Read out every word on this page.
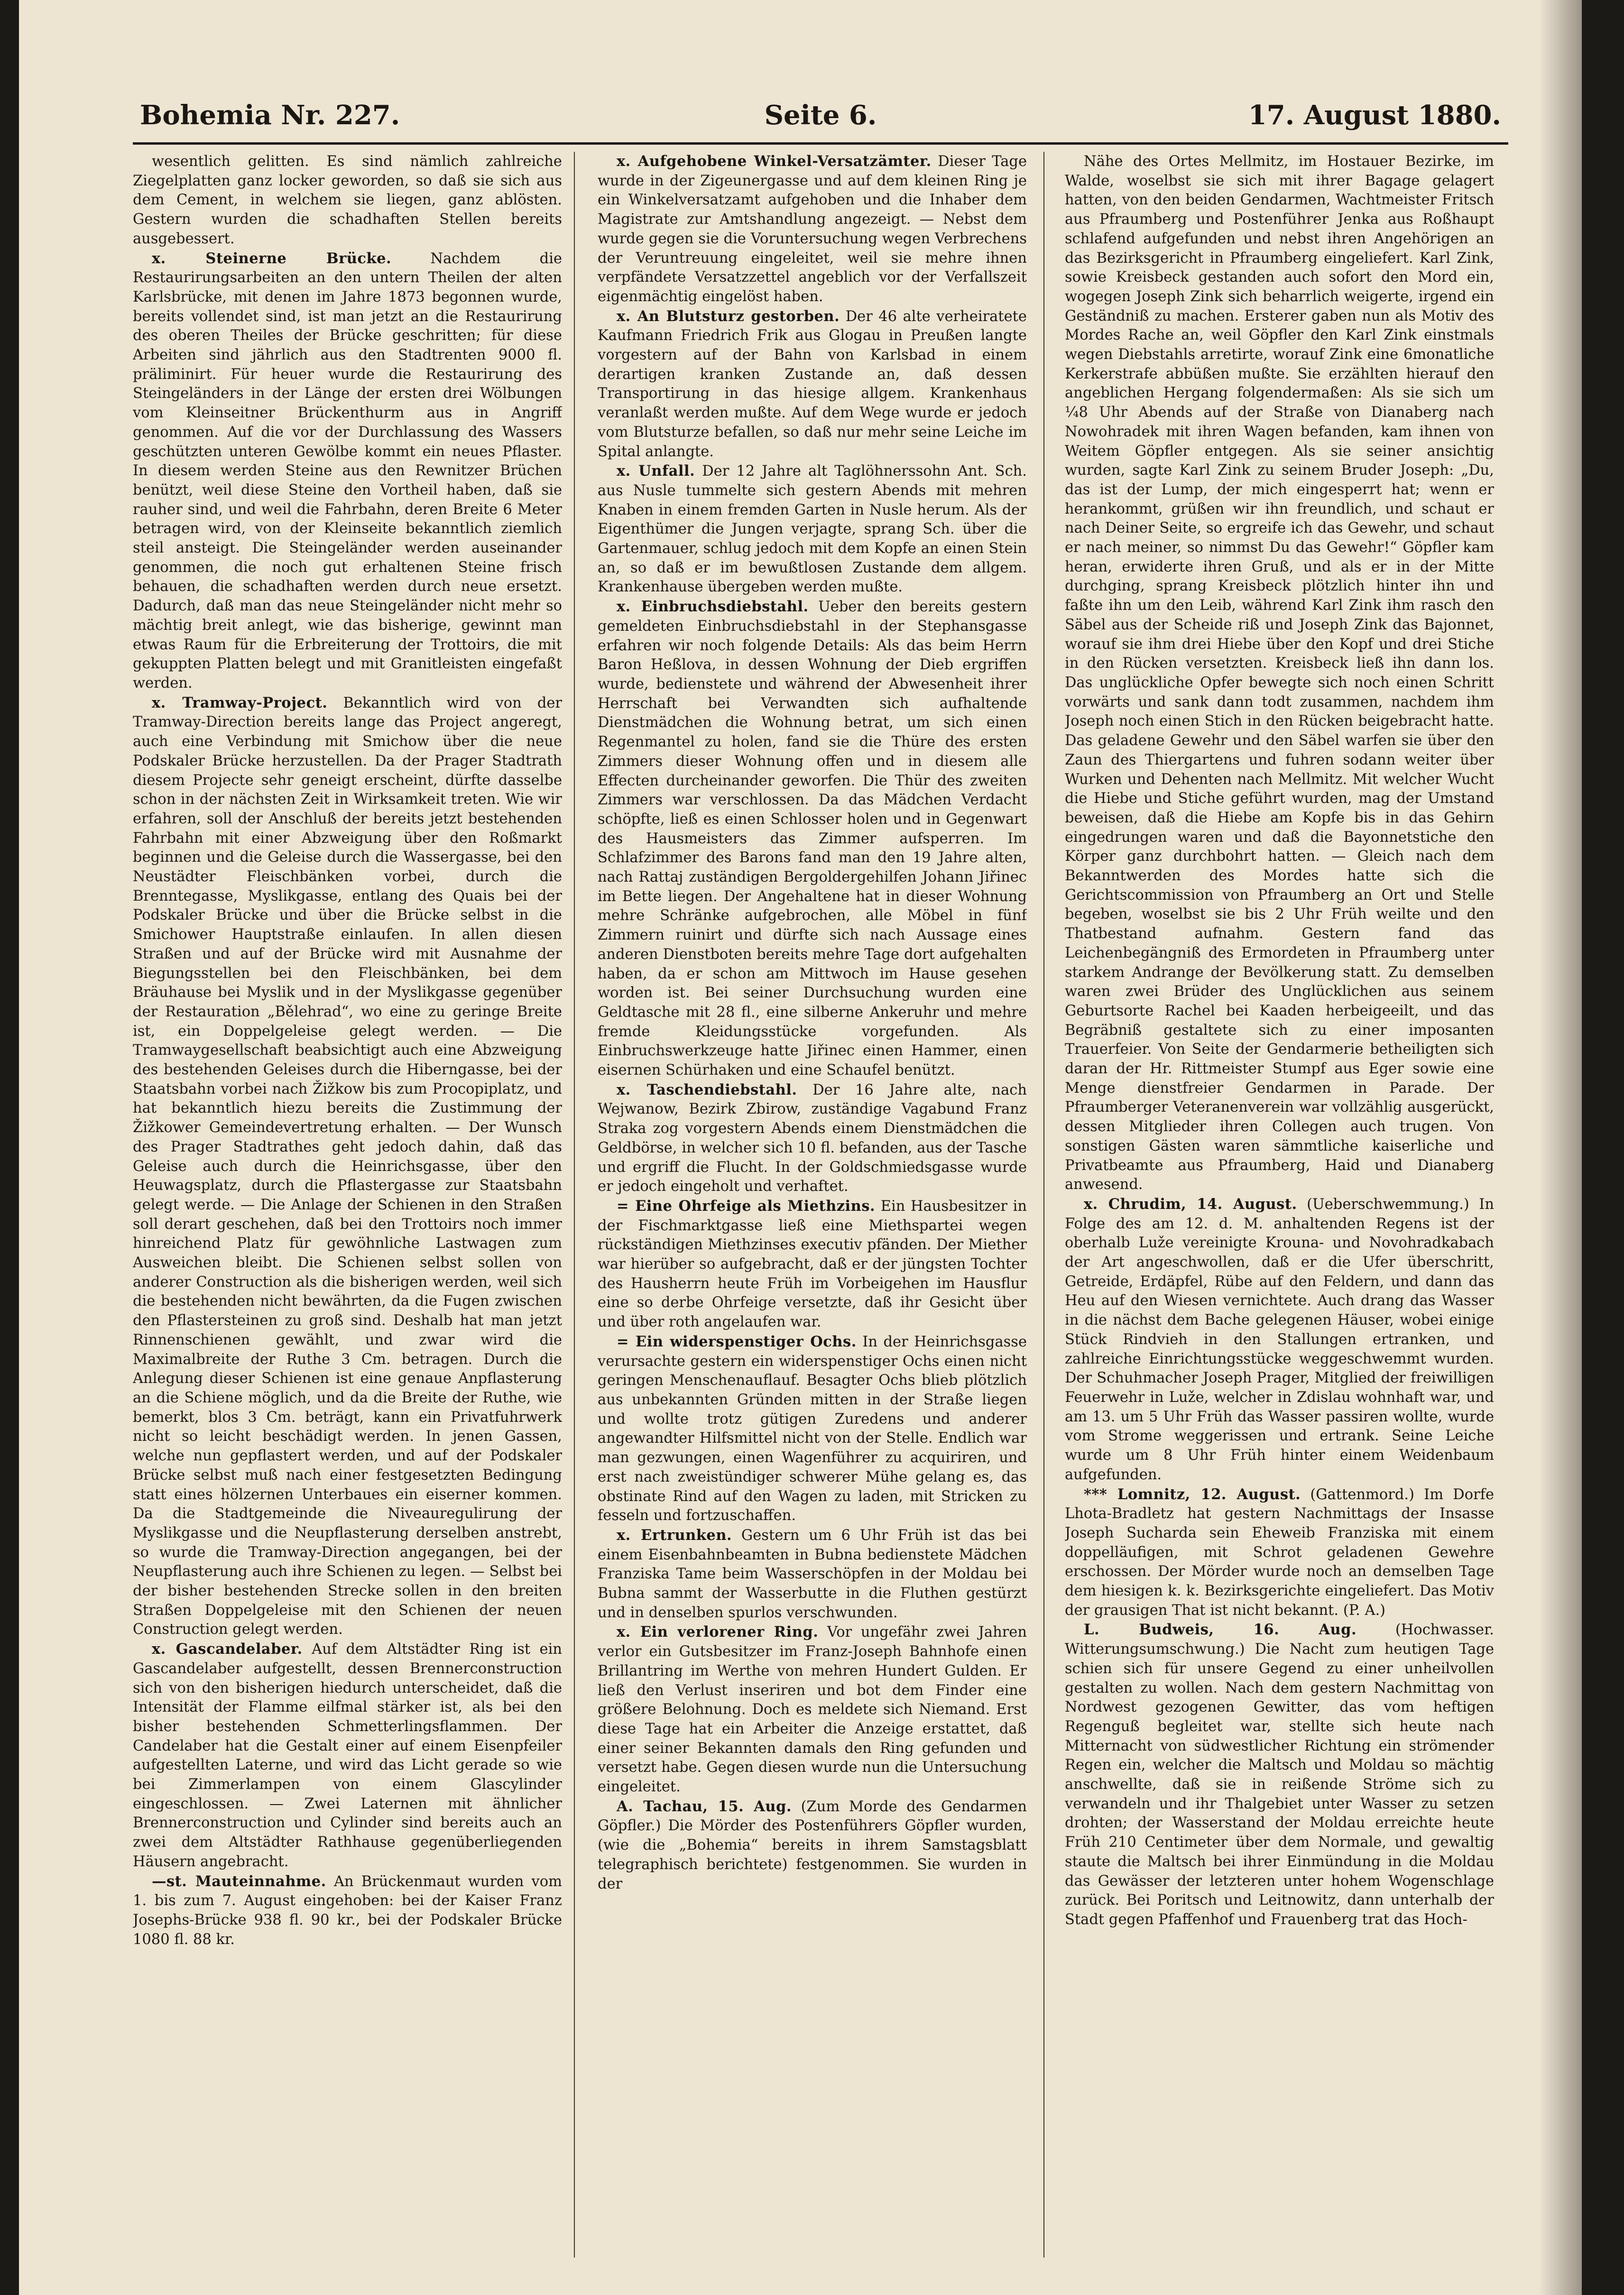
Bohemia Nr. 227.	Seite 6.	17. August 1880.

wesentlich gelitten. Es sind nämlich zahlreiche Ziegelplatten ganz locker geworden, so daß sie sich aus dem Cement, in welchem sie liegen, ganz ablösten. Gestern wurden die schadhaften Stellen bereits ausgebessert.

x. Steinerne Brücke.	Nachdem die Restaurirungsarbeiten an den untern Theilen der alten Karlsbrücke, mit denen im Jahre 1873 begonnen wurde, bereits vollendet sind, ist man jetzt an die Restaurirung des oberen Theiles der Brücke geschritten; für diese Arbeiten sind jährlich aus den Stadtrenten 9000 fl. präliminirt. Für heuer wurde die Restaurirung des Steingeländers in der Länge der ersten drei Wölbungen vom Kleinseitner Brückenthurm aus in Angriff genommen. Auf die vor der Durchlassung des Wassers geschützten unteren Gewölbe kommt ein neues Pflaster. In diesem werden Steine aus den Rewnitzer Brüchen benützt, weil diese Steine den Vortheil haben, daß sie rauher sind, und weil die Fahrbahn, deren Breite 6 Meter betragen wird, von der Kleinseite bekanntlich ziemlich steil ansteigt. Die Steingeländer werden auseinander genommen, die noch gut erhaltenen Steine frisch behauen, die schadhaften werden durch neue ersetzt. Dadurch, daß man das neue Steingeländer nicht mehr so mächtig breit anlegt, wie das bisherige, gewinnt man etwas Raum für die Erbreiterung der Trottoirs, die mit gekuppten Platten belegt und mit Granitleisten eingefaßt werden.

x. Tramway-Project. Bekanntlich wird von der Tramway-Direction bereits lange das Project angeregt, auch eine Verbindung mit Smichow über die neue Podskaler Brücke herzustellen. Da der Prager Stadtrath diesem Projecte sehr geneigt erscheint, dürfte dasselbe schon in der nächsten Zeit in Wirksamkeit treten. Wie wir erfahren, soll der Anschluß der bereits jetzt bestehenden Fahrbahn mit einer Abzweigung über den Roßmarkt beginnen und die Geleise durch die Wassergasse, bei den Neustädter Fleischbänken vorbei, durch die Brenntegasse, Myslikgasse, entlang des Quais bei der Podskaler Brücke und über die Brücke selbst in die Smichower Hauptstraße einlaufen. In allen diesen Straßen und auf der Brücke wird mit Ausnahme der Biegungsstellen bei den Fleischbänken, bei dem Bräuhause bei Myslik und in der Myslikgasse gegenüber der Restauration „Bělehrad“, wo eine zu geringe Breite ist, ein Doppelgeleise gelegt werden. — Die Tramwaygesellschaft beabsichtigt auch eine Abzweigung des bestehenden Geleises durch die Hiberngasse, bei der Staatsbahn vorbei nach Žižkow bis zum Procopiplatz, und hat bekanntlich hiezu bereits die Zustimmung der Žižkower Gemeindevertretung erhalten. — Der Wunsch des Prager Stadtrathes geht jedoch dahin, daß das Geleise auch durch die Heinrichsgasse, über den Heuwagsplatz, durch die Pflastergasse zur Staatsbahn gelegt werde. — Die Anlage der Schienen in den Straßen soll derart geschehen, daß bei den Trottoirs noch immer hinreichend Platz für gewöhnliche Lastwagen zum Ausweichen bleibt. Die Schienen selbst sollen von anderer Construction als die bisherigen werden, weil sich die bestehenden nicht bewährten, da die Fugen zwischen den Pflastersteinen zu groß sind. Deshalb hat man jetzt Rinnenschienen gewählt, und zwar wird die Maximalbreite der Ruthe 3 Cm. betragen. Durch die Anlegung dieser Schienen ist eine genaue Anpflasterung an die Schiene möglich, und da die Breite der Ruthe, wie bemerkt, blos 3 Cm. beträgt, kann ein Privatfuhrwerk nicht so leicht beschädigt werden. In jenen Gassen, welche nun gepflastert werden, und auf der Podskaler Brücke selbst muß nach einer festgesetzten Bedingung statt eines hölzernen Unterbaues ein eiserner kommen. Da die Stadtgemeinde die Niveauregulirung der Myslikgasse und die Neupflasterung derselben anstrebt, so wurde die Tramway-Direction angegangen, bei der Neupflasterung auch ihre Schienen zu legen. — Selbst bei der bisher bestehenden Strecke sollen in den breiten Straßen Doppelgeleise mit den Schienen der neuen Construction gelegt werden.

x. Gascandelaber. Auf dem Altstädter Ring ist ein Gascandelaber aufgestellt, dessen Brennerconstruction sich von den bisherigen hiedurch unterscheidet, daß die Intensität der Flamme eilfmal stärker ist, als bei den bisher bestehenden Schmetterlingsflammen. Der Candelaber hat die Gestalt einer auf einem Eisenpfeiler aufgestellten Laterne, und wird das Licht gerade so wie bei Zimmerlampen von einem Glascylinder eingeschlossen. — Zwei Laternen mit ähnlicher Brennerconstruction und Cylinder sind bereits auch an zwei dem Altstädter Rathhause gegenüberliegenden Häusern angebracht.

—st. Mauteinnahme. An Brückenmaut wurden vom 1. bis zum 7. August eingehoben: bei der Kaiser Franz Josephs-Brücke 938 fl. 90 kr., bei der Podskaler Brücke 1080 fl. 88 kr.

x. Aufgehobene Winkel-Versatzämter. Dieser Tage wurde in der Zigeunergasse und auf dem kleinen Ring je ein Winkelversatzamt aufgehoben und die Inhaber dem Magistrate zur Amtshandlung angezeigt. — Nebst dem wurde gegen sie die Voruntersuchung wegen Verbrechens der Veruntreuung eingeleitet, weil sie mehre ihnen verpfändete Versatzzettel angeblich vor der Verfallszeit eigenmächtig eingelöst haben.

x. An Blutsturz gestorben. Der 46 alte verheiratete Kaufmann Friedrich Frik aus Glogau in Preußen langte vorgestern auf der Bahn von Karlsbad in einem derartigen kranken Zustande an, daß dessen Transportirung in das hiesige allgem. Krankenhaus veranlaßt werden mußte. Auf dem Wege wurde er jedoch vom Blutsturze befallen, so daß nur mehr seine Leiche im Spital anlangte.

x. Unfall. Der 12 Jahre alt Taglöhnerssohn Ant. Sch. aus Nusle tummelte sich gestern Abends mit mehren Knaben in einem fremden Garten in Nusle herum. Als der Eigenthümer die Jungen verjagte, sprang Sch. über die Gartenmauer, schlug jedoch mit dem Kopfe an einen Stein an, so daß er im bewußtlosen Zustande dem allgem. Krankenhause übergeben werden mußte.

x. Einbruchsdiebstahl. Ueber den bereits gestern gemeldeten Einbruchsdiebstahl in der Stephansgasse erfahren wir noch folgende Details: Als das beim Herrn Baron Heßlova, in dessen Wohnung der Dieb ergriffen wurde, bedienstete und während der Abwesenheit ihrer Herrschaft bei Verwandten sich aufhaltende Dienstmädchen die Wohnung betrat, um sich einen Regenmantel zu holen, fand sie die Thüre des ersten Zimmers dieser Wohnung offen und in diesem alle Effecten durcheinander geworfen. Die Thür des zweiten Zimmers war verschlossen. Da das Mädchen Verdacht schöpfte, ließ es einen Schlosser holen und in Gegenwart des Hausmeisters das Zimmer aufsperren. Im Schlafzimmer des Barons fand man den 19 Jahre alten, nach Rattaj zuständigen Bergoldergehilfen Johann Jiřinec im Bette liegen. Der Angehaltene hat in dieser Wohnung mehre Schränke aufgebrochen, alle Möbel in fünf Zimmern ruinirt und dürfte sich nach Aussage eines anderen Dienstboten bereits mehre Tage dort aufgehalten haben, da er schon am Mittwoch im Hause gesehen worden ist. Bei seiner Durchsuchung wurden eine Geldtasche mit 28 fl., eine silberne Ankeruhr und mehre fremde Kleidungsstücke vorgefunden. Als Einbruchswerkzeuge hatte Jiřinec einen Hammer, einen eisernen Schürhaken und eine Schaufel benützt.

x. Taschendiebstahl. Der 16 Jahre alte, nach Wejwanow, Bezirk Zbirow, zuständige Vagabund Franz Straka zog vorgestern Abends einem Dienstmädchen die Geldbörse, in welcher sich 10 fl. befanden, aus der Tasche und ergriff die Flucht. In der Goldschmiedsgasse wurde er jedoch eingeholt und verhaftet.

= Eine Ohrfeige als Miethzins. Ein Hausbesitzer in der Fischmarktgasse ließ eine Miethspartei wegen rückständigen Miethzinses executiv pfänden. Der Miether war hierüber so aufgebracht, daß er der jüngsten Tochter des Hausherrn heute Früh im Vorbeigehen im Hausflur eine so derbe Ohrfeige versetzte, daß ihr Gesicht über und über roth angelaufen war.

= Ein widerspenstiger Ochs. In der Heinrichsgasse verursachte gestern ein widerspenstiger Ochs einen nicht geringen Menschenauflauf. Besagter Ochs blieb plötzlich aus unbekannten Gründen mitten in der Straße liegen und wollte trotz gütigen Zuredens und anderer angewandter Hilfsmittel nicht von der Stelle. Endlich war man gezwungen, einen Wagenführer zu acquiriren, und erst nach zweistündiger schwerer Mühe gelang es, das obstinate Rind auf den Wagen zu laden, mit Stricken zu fesseln und fortzuschaffen.

x. Ertrunken. Gestern um 6 Uhr Früh ist das bei einem Eisenbahnbeamten in Bubna bedienstete Mädchen Franziska Tame beim Wasserschöpfen in der Moldau bei Bubna sammt der Wasserbutte in die Fluthen gestürzt und in denselben spurlos verschwunden.

x. Ein verlorener Ring. Vor ungefähr zwei Jahren verlor ein Gutsbesitzer im Franz-Joseph Bahnhofe einen Brillantring im Werthe von mehren Hundert Gulden. Er ließ den Verlust inseriren und bot dem Finder eine größere Belohnung. Doch es meldete sich Niemand. Erst diese Tage hat ein Arbeiter die Anzeige erstattet, daß einer seiner Bekannten damals den Ring gefunden und versetzt habe. Gegen diesen wurde nun die Untersuchung eingeleitet.

A. Tachau, 15. Aug. (Zum Morde des Gendarmen Göpfler.) Die Mörder des Postenführers Göpfler wurden, (wie die „Bohemia“ bereits in ihrem Samstagsblatt telegraphisch berichtete) festgenommen. Sie wurden in der

Nähe des Ortes Mellmitz, im Hostauer Bezirke, im Walde, woselbst sie sich mit ihrer Bagage gelagert hatten, von den beiden Gendarmen, Wachtmeister Fritsch aus Pfraumberg und Postenführer Jenka aus Roßhaupt schlafend aufgefunden und nebst ihren Angehörigen an das Bezirksgericht in Pfraumberg eingeliefert. Karl Zink, sowie Kreisbeck gestanden auch sofort den Mord ein, wogegen Joseph Zink sich beharrlich weigerte, irgend ein Geständniß zu machen. Ersterer gaben nun als Motiv des Mordes Rache an, weil Göpfler den Karl Zink einstmals wegen Diebstahls arretirte, worauf Zink eine 6monatliche Kerkerstrafe abbüßen mußte. Sie erzählten hierauf den angeblichen Hergang folgendermaßen: Als sie sich um ¼8 Uhr Abends auf der Straße von Dianaberg nach Nowohradek mit ihren Wagen befanden, kam ihnen von Weitem Göpfler entgegen. Als sie seiner ansichtig wurden, sagte Karl Zink zu seinem Bruder Joseph: „Du, das ist der Lump, der mich eingesperrt hat; wenn er herankommt, grüßen wir ihn freundlich, und schaut er nach Deiner Seite, so ergreife ich das Gewehr, und schaut er nach meiner, so nimmst Du das Gewehr!“ Göpfler kam heran, erwiderte ihren Gruß, und als er in der Mitte durchging, sprang Kreisbeck plötzlich hinter ihn und faßte ihn um den Leib, während Karl Zink ihm rasch den Säbel aus der Scheide riß und Joseph Zink das Bajonnet, worauf sie ihm drei Hiebe über den Kopf und drei Stiche in den Rücken versetzten. Kreisbeck ließ ihn dann los. Das unglückliche Opfer bewegte sich noch einen Schritt vorwärts und sank dann todt zusammen, nachdem ihm Joseph noch einen Stich in den Rücken beigebracht hatte. Das geladene Gewehr und den Säbel warfen sie über den Zaun des Thiergartens und fuhren sodann weiter über Wurken und Dehenten nach Mellmitz. Mit welcher Wucht die Hiebe und Stiche geführt wurden, mag der Umstand beweisen, daß die Hiebe am Kopfe bis in das Gehirn eingedrungen waren und daß die Bayonnetstiche den Körper ganz durchbohrt hatten. — Gleich nach dem Bekanntwerden des Mordes hatte sich die Gerichtscommission von Pfraumberg an Ort und Stelle begeben, woselbst sie bis 2 Uhr Früh weilte und den Thatbestand aufnahm. Gestern fand das Leichenbegängniß des Ermordeten in Pfraumberg unter starkem Andrange der Bevölkerung statt. Zu demselben waren zwei Brüder des Unglücklichen aus seinem Geburtsorte Rachel bei Kaaden herbeigeeilt, und das Begräbniß gestaltete sich zu einer imposanten Trauerfeier. Von Seite der Gendarmerie betheiligten sich daran der Hr. Rittmeister Stumpf aus Eger sowie eine Menge dienstfreier Gendarmen in Parade. Der Pfraumberger Veteranenverein war vollzählig ausgerückt, dessen Mitglieder ihren Collegen auch trugen. Von sonstigen Gästen waren sämmtliche kaiserliche und Privatbeamte aus Pfraumberg, Haid und Dianaberg anwesend.

x. Chrudim, 14. August. (Ueberschwemmung.) In Folge des am 12. d. M. anhaltenden Regens ist der oberhalb Luže vereinigte Krouna- und Novohradkabach der Art angeschwollen, daß er die Ufer überschritt, Getreide, Erdäpfel, Rübe auf den Feldern, und dann das Heu auf den Wiesen vernichtete. Auch drang das Wasser in die nächst dem Bache gelegenen Häuser, wobei einige Stück Rindvieh in den Stallungen ertranken, und zahlreiche Einrichtungsstücke weggeschwemmt wurden. Der Schuhmacher Joseph Prager, Mitglied der freiwilligen Feuerwehr in Luže, welcher in Zdislau wohnhaft war, und am 13. um 5 Uhr Früh das Wasser passiren wollte, wurde vom Strome weggerissen und ertrank. Seine Leiche wurde um 8 Uhr Früh hinter einem Weidenbaum aufgefunden.

*** Lomnitz, 12. August. (Gattenmord.) Im Dorfe Lhota-Bradletz hat gestern Nachmittags der Insasse Joseph Sucharda sein Eheweib Franziska mit einem doppelläufigen, mit Schrot geladenen Gewehre erschossen. Der Mörder wurde noch an demselben Tage dem hiesigen k. k. Bezirksgerichte eingeliefert. Das Motiv der grausigen That ist nicht bekannt. (P. A.)

L. Budweis, 16. Aug.	(Hochwasser. Witterungsumschwung.) Die Nacht zum heutigen Tage schien sich für unsere Gegend zu einer unheilvollen gestalten zu wollen. Nach dem gestern Nachmittag von Nordwest gezogenen Gewitter, das vom heftigen Regenguß begleitet war, stellte sich heute nach Mitternacht von südwestlicher Richtung ein strömender Regen ein, welcher die Maltsch und Moldau so mächtig anschwellte, daß sie in reißende Ströme sich zu verwandeln und ihr Thalgebiet unter Wasser zu setzen drohten; der Wasserstand der Moldau erreichte heute Früh 210 Centimeter über dem Normale, und gewaltig staute die Maltsch bei ihrer Einmündung in die Moldau das Gewässer der letzteren unter hohem Wogenschlage zurück. Bei Poritsch und Leitnowitz, dann unterhalb der Stadt gegen Pfaffenhof und Frauenberg trat das Hoch-
